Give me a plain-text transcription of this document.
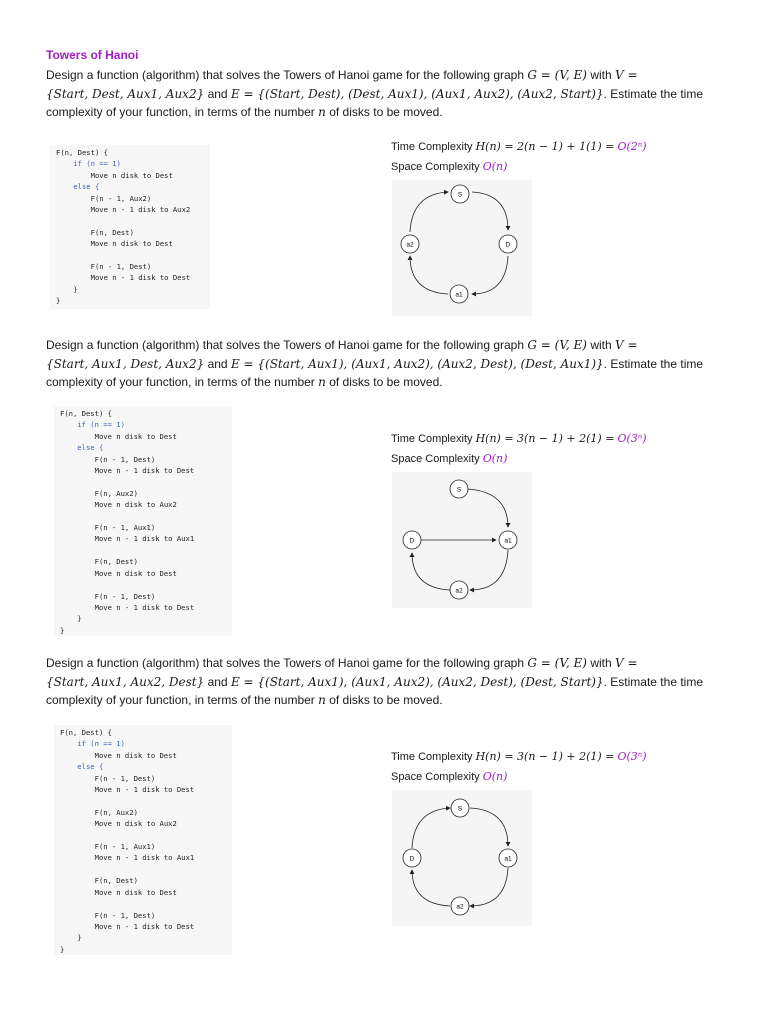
Towers of Hanoi
Design a function (algorithm) that solves the Towers of Hanoi game for the following graph G = (V, E) with V =
{Start, Dest, Aux1, Aux2} and E = {(Start, Dest), (Dest, Aux1), (Aux1, Aux2), (Aux2, Start)}. Estimate the time complexity of your function, in terms of the number n of disks to be moved.
F(n, Dest) {
if (n == 1)
Move n disk to Dest
else {
F(n - 1, Aux2)
Move n - 1 disk to Aux2

F(n, Dest)
Move n disk to Dest

F(n - 1, Dest)
Move n - 1 disk to Dest
}
}
Time Complexity H(n) = 2(n − 1) + 1(1) = O(2ⁿ)
Space Complexity O(n)
S
D
a1
a2
Design a function (algorithm) that solves the Towers of Hanoi game for the following graph G = (V, E) with V =
{Start, Aux1, Dest, Aux2} and E = {(Start, Aux1), (Aux1, Aux2), (Aux2, Dest), (Dest, Aux1)}. Estimate the time complexity of your function, in terms of the number n of disks to be moved.
F(n, Dest) {
if (n == 1)
Move n disk to Dest
else {
F(n - 1, Dest)
Move n - 1 disk to Dest

F(n, Aux2)
Move n disk to Aux2

F(n - 1, Aux1)
Move n - 1 disk to Aux1

F(n, Dest)
Move n disk to Dest

F(n - 1, Dest)
Move n - 1 disk to Dest
}
}
Time Complexity H(n) = 3(n − 1) + 2(1) = O(3ⁿ)
Space Complexity O(n)
S
a1
a2
D
Design a function (algorithm) that solves the Towers of Hanoi game for the following graph G = (V, E) with V =
{Start, Aux1, Aux2, Dest} and E = {(Start, Aux1), (Aux1, Aux2), (Aux2, Dest), (Dest, Start)}. Estimate the time complexity of your function, in terms of the number n of disks to be moved.
F(n, Dest) {
if (n == 1)
Move n disk to Dest
else {
F(n - 1, Dest)
Move n - 1 disk to Dest

F(n, Aux2)
Move n disk to Aux2

F(n - 1, Aux1)
Move n - 1 disk to Aux1

F(n, Dest)
Move n disk to Dest

F(n - 1, Dest)
Move n - 1 disk to Dest
}
}
Time Complexity H(n) = 3(n − 1) + 2(1) = O(3ⁿ)
Space Complexity O(n)
S
a1
a2
D
